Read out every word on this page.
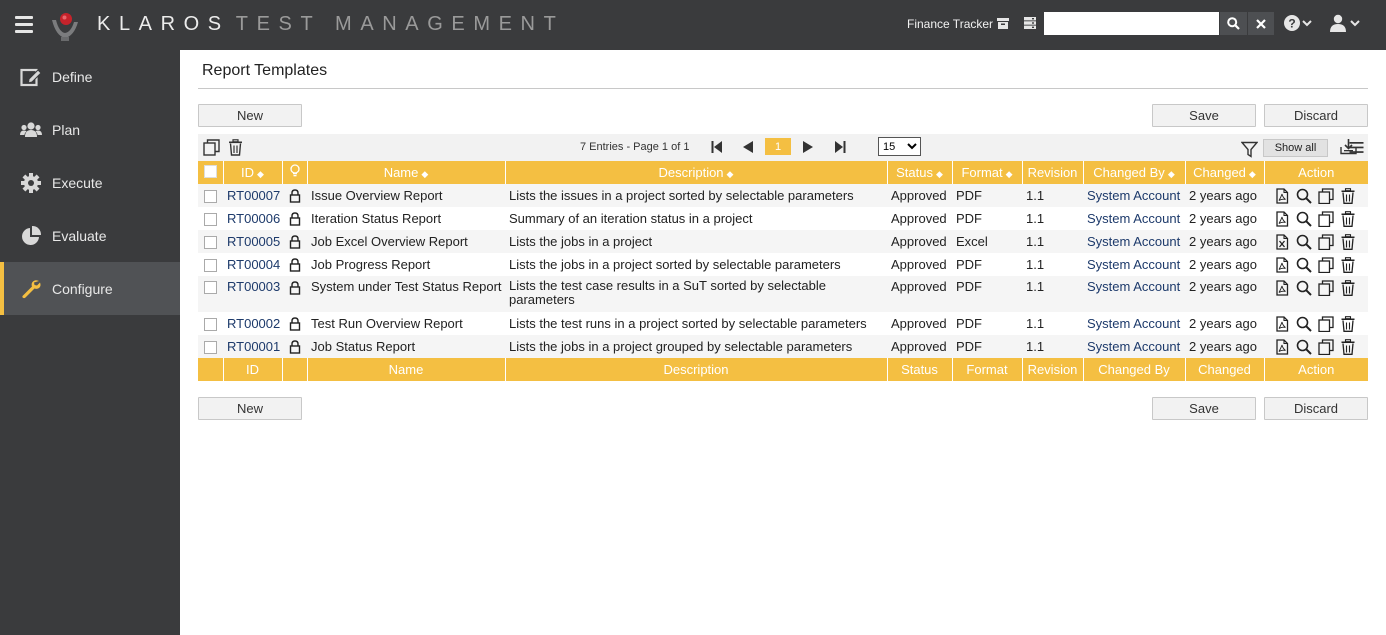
KLAROS TEST MANAGEMENT	Finance Tracker	?
Define
Plan
Execute
Evaluate
Configure
Report Templates
New	Save	Discard
7 Entries - Page 1 of 1	1
15	Show all
	ID ◆		Name ◆	Description ◆	Status ◆	Format ◆	Revision	Changed By ◆	Changed ◆	Action
	RT00007		Issue Overview Report	Lists the issues in a project sorted by selectable parameters	Approved	PDF	1.1	System Account	2 years ago	
	RT00006		Iteration Status Report	Summary of an iteration status in a project	Approved	PDF	1.1	System Account	2 years ago	
	RT00005		Job Excel Overview Report	Lists the jobs in a project	Approved	Excel	1.1	System Account	2 years ago	
	RT00004		Job Progress Report	Lists the jobs in a project sorted by selectable parameters	Approved	PDF	1.1	System Account	2 years ago	
	RT00003		System under Test Status Report	Lists the test case results in a SuT sorted by selectable parameters	Approved	PDF	1.1	System Account	2 years ago	
	RT00002		Test Run Overview Report	Lists the test runs in a project sorted by selectable parameters	Approved	PDF	1.1	System Account	2 years ago	
	RT00001		Job Status Report	Lists the jobs in a project grouped by selectable parameters	Approved	PDF	1.1	System Account	2 years ago	
	ID		Name	Description	Status	Format	Revision	Changed By	Changed	Action
New	Save	Discard
